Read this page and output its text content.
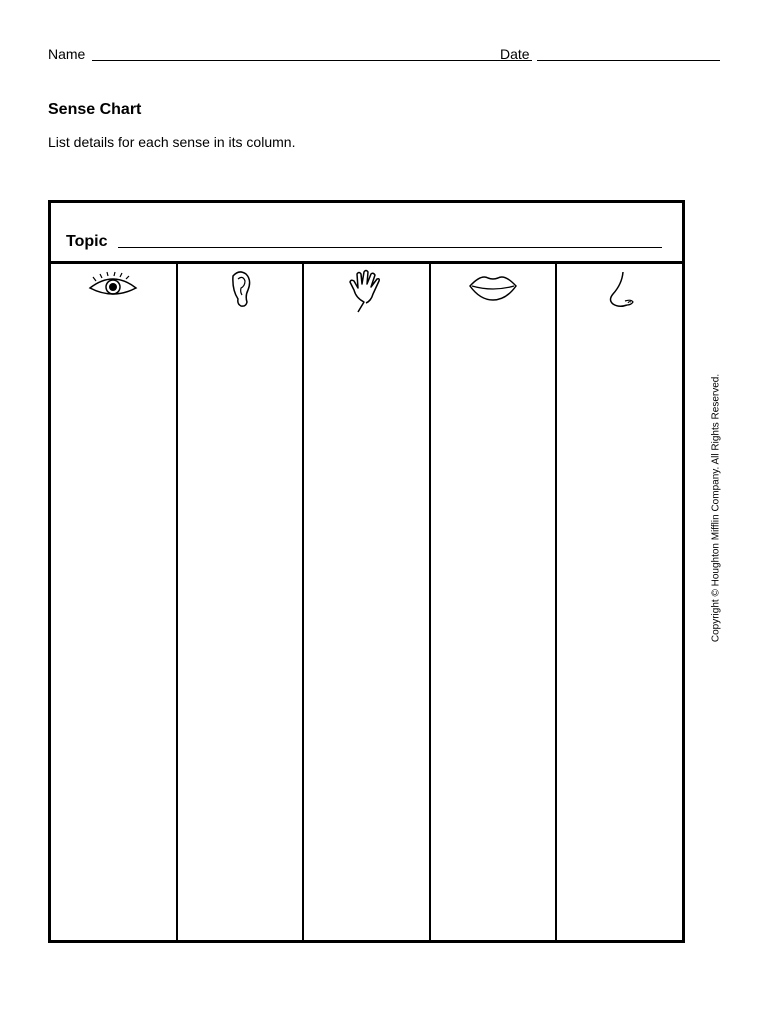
Name	Date
Sense Chart
List details for each sense in its column.
Topic
Copyright © Houghton Mifflin Company. All Rights Reserved.
